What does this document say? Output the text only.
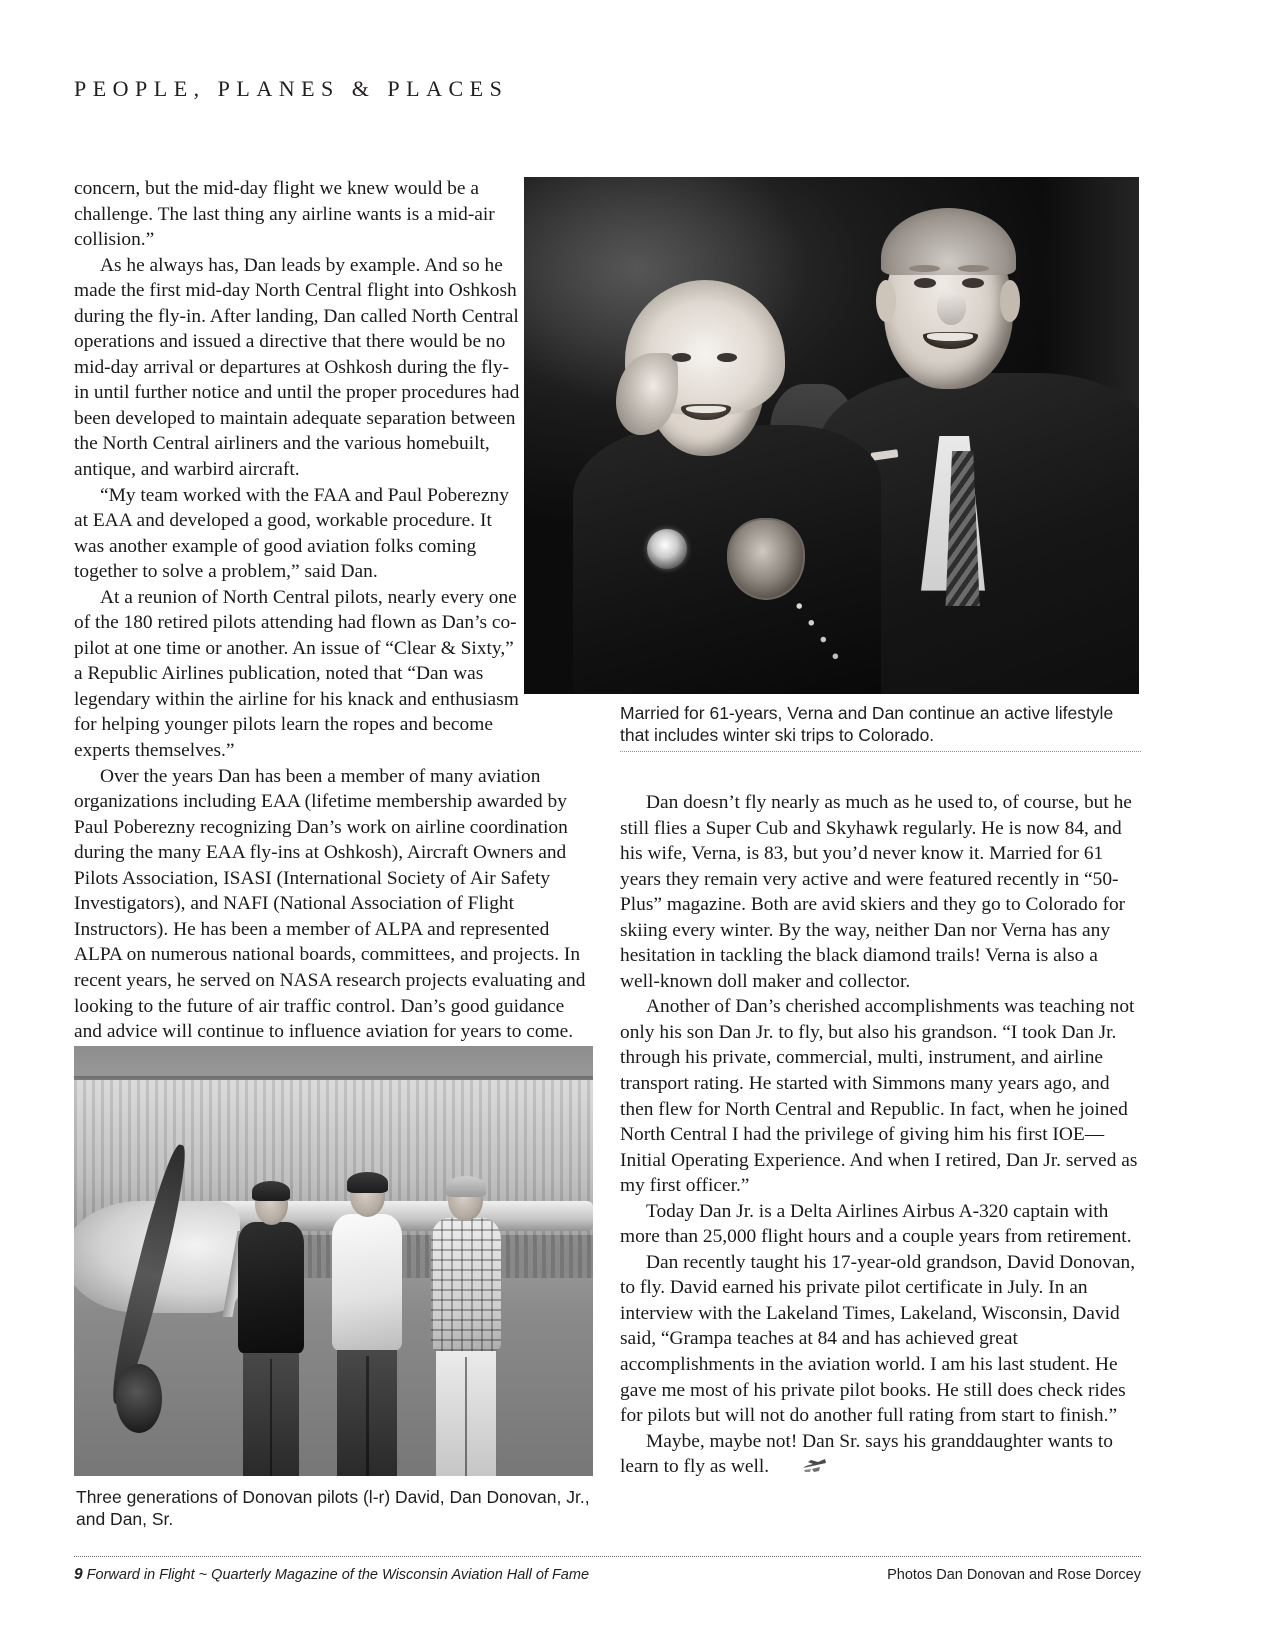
PEOPLE, PLANES & PLACES
Married for 61-years, Verna and Dan continue an active lifestyle that includes winter ski trips to Colorado.

concern, but the mid-day flight we knew would be a challenge. The last thing any airline wants is a mid-air collision.”

As he always has, Dan leads by example. And so he made the first mid-day North Central flight into Oshkosh during the fly-in. After landing, Dan called North Central operations and issued a directive that there would be no mid-day arrival or departures at Oshkosh during the fly-in until further notice and until the proper procedures had been developed to maintain adequate separation between the North Central airliners and the various homebuilt, antique, and warbird aircraft.

“My team worked with the FAA and Paul Poberezny at EAA and developed a good, workable procedure. It was another example of good aviation folks coming together to solve a problem,” said Dan.

At a reunion of North Central pilots, nearly every one of the 180 retired pilots attending had flown as Dan’s co-pilot at one time or another. An issue of “Clear & Sixty,” a Republic Airlines publication, noted that “Dan was legendary within the airline for his knack and enthusiasm for helping younger pilots learn the ropes and become experts themselves.”

Over the years Dan has been a member of many aviation organizations including EAA (lifetime membership awarded by Paul Poberezny recognizing Dan’s work on airline coordination during the many EAA fly-ins at Oshkosh), Aircraft Owners and Pilots Association, ISASI (International Society of Air Safety Investigators), and NAFI (National Association of Flight Instructors). He has been a member of ALPA and represented ALPA on numerous national boards, committees, and projects. In recent years, he served on NASA research projects evaluating and looking to the future of air traffic control. Dan’s good guidance and advice will continue to influence aviation for years to come.

Three generations of Donovan pilots (l-r) David, Dan Donovan, Jr., and Dan, Sr.

Dan doesn’t fly nearly as much as he used to, of course, but he still flies a Super Cub and Skyhawk regularly. He is now 84, and his wife, Verna, is 83, but you’d never know it. Married for 61 years they remain very active and were featured recently in “50-Plus” magazine. Both are avid skiers and they go to Colorado for skiing every winter. By the way, neither Dan nor Verna has any hesitation in tackling the black diamond trails! Verna is also a well-known doll maker and collector.

Another of Dan’s cherished accomplishments was teaching not only his son Dan Jr. to fly, but also his grandson. “I took Dan Jr. through his private, commercial, multi, instrument, and airline transport rating. He started with Simmons many years ago, and then flew for North Central and Republic. In fact, when he joined North Central I had the privilege of giving him his first IOE—Initial Operating Experience. And when I retired, Dan Jr. served as my first officer.”

Today Dan Jr. is a Delta Airlines Airbus A-320 captain with more than 25,000 flight hours and a couple years from retirement.

Dan recently taught his 17-year-old grandson, David Donovan, to fly. David earned his private pilot certificate in July. In an interview with the Lakeland Times, Lakeland, Wisconsin, David said, “Grampa teaches at 84 and has achieved great accomplishments in the aviation world. I am his last student. He gave me most of his private pilot books. He still does check rides for pilots but will not do another full rating from start to finish.”

Maybe, maybe not! Dan Sr. says his granddaughter wants to learn to fly as well.

9 Forward in Flight ~ Quarterly Magazine of the Wisconsin Aviation Hall of Fame	Photos Dan Donovan and Rose Dorcey
